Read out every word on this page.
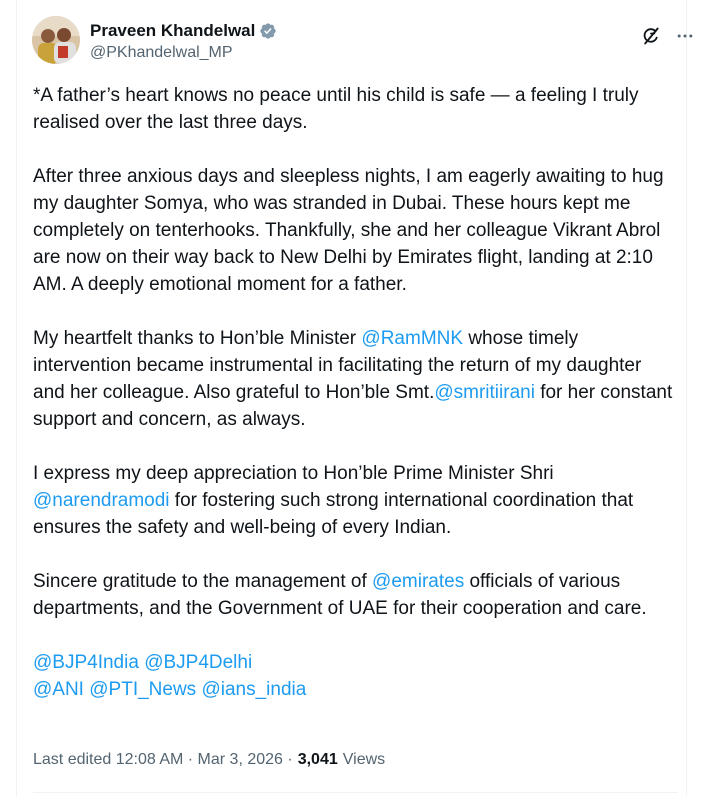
Praveen Khandelwal
@PKhandelwal_MP

*A father’s heart knows no peace until his child is safe — a feeling I truly realised over the last three days.

After three anxious days and sleepless nights, I am eagerly awaiting to hug my daughter Somya, who was stranded in Dubai. These hours kept me completely on tenterhooks. Thankfully, she and her colleague Vikrant Abrol are now on their way back to New Delhi by Emirates flight, landing at 2:10 AM. A deeply emotional moment for a father.

My heartfelt thanks to Hon’ble Minister @RamMNK whose timely intervention became instrumental in facilitating the return of my daughter and her colleague. Also grateful to Hon’ble Smt.@smritiirani for her constant support and concern, as always.

I express my deep appreciation to Hon’ble Prime Minister Shri @narendramodi for fostering such strong international coordination that ensures the safety and well-being of every Indian.

Sincere gratitude to the management of @emirates officials of various departments, and the Government of UAE for their cooperation and care.

@BJP4India @BJP4Delhi
@ANI @PTI_News @ians_india
Last edited 12:08 AM · Mar 3, 2026 · 3,041 Views
